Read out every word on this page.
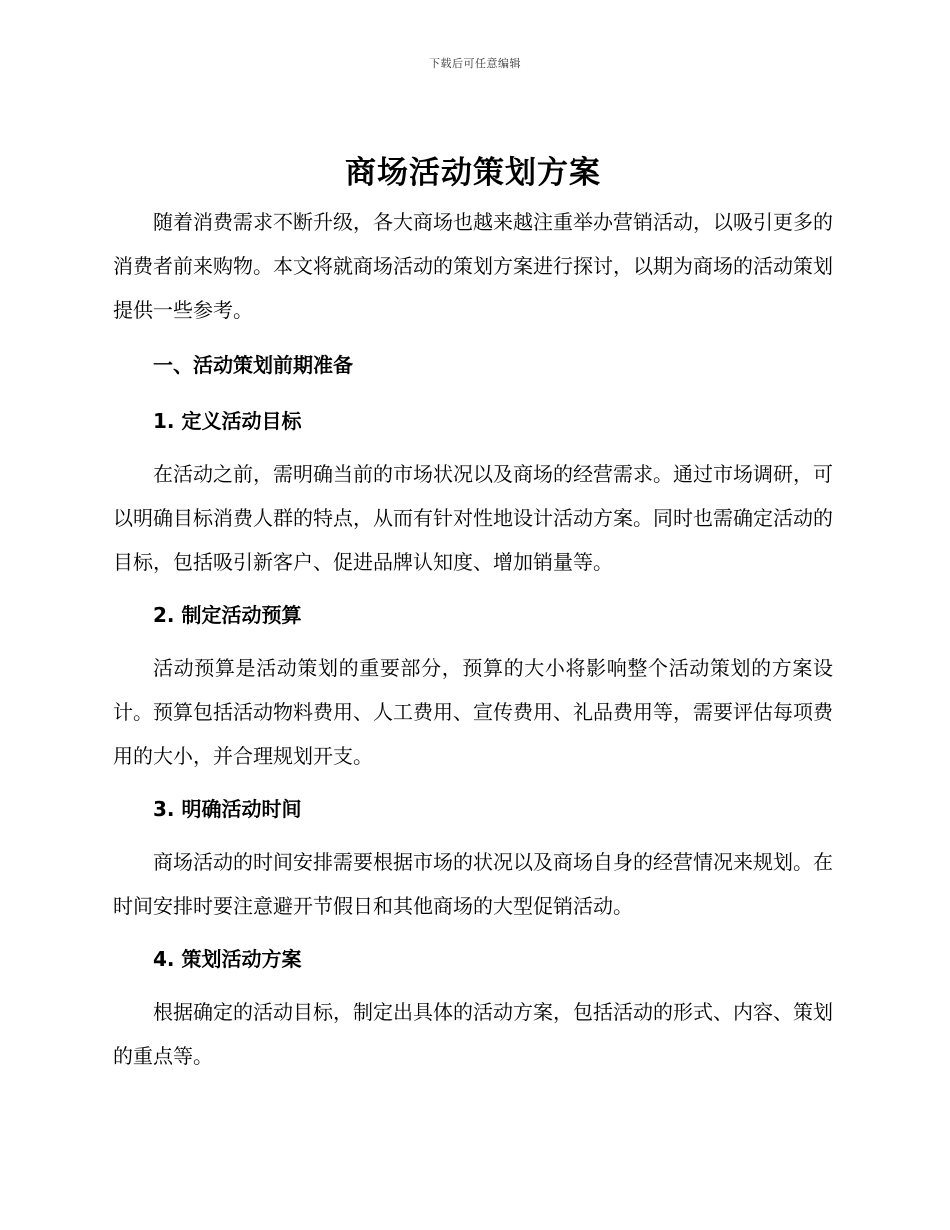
下载后可任意编辑
商场活动策划方案

随着消费需求不断升级，各大商场也越来越注重举办营销活动，以吸引更多的消费者前来购物。本文将就商场活动的策划方案进行探讨，以期为商场的活动策划提供一些参考。

一、活动策划前期准备
1. 定义活动目标

在活动之前，需明确当前的市场状况以及商场的经营需求。通过市场调研，可以明确目标消费人群的特点，从而有针对性地设计活动方案。同时也需确定活动的目标，包括吸引新客户、促进品牌认知度、增加销量等。

2. 制定活动预算

活动预算是活动策划的重要部分，预算的大小将影响整个活动策划的方案设计。预算包括活动物料费用、人工费用、宣传费用、礼品费用等，需要评估每项费用的大小，并合理规划开支。

3. 明确活动时间

商场活动的时间安排需要根据市场的状况以及商场自身的经营情况来规划。在时间安排时要注意避开节假日和其他商场的大型促销活动。

4. 策划活动方案

根据确定的活动目标，制定出具体的活动方案，包括活动的形式、内容、策划的重点等。
